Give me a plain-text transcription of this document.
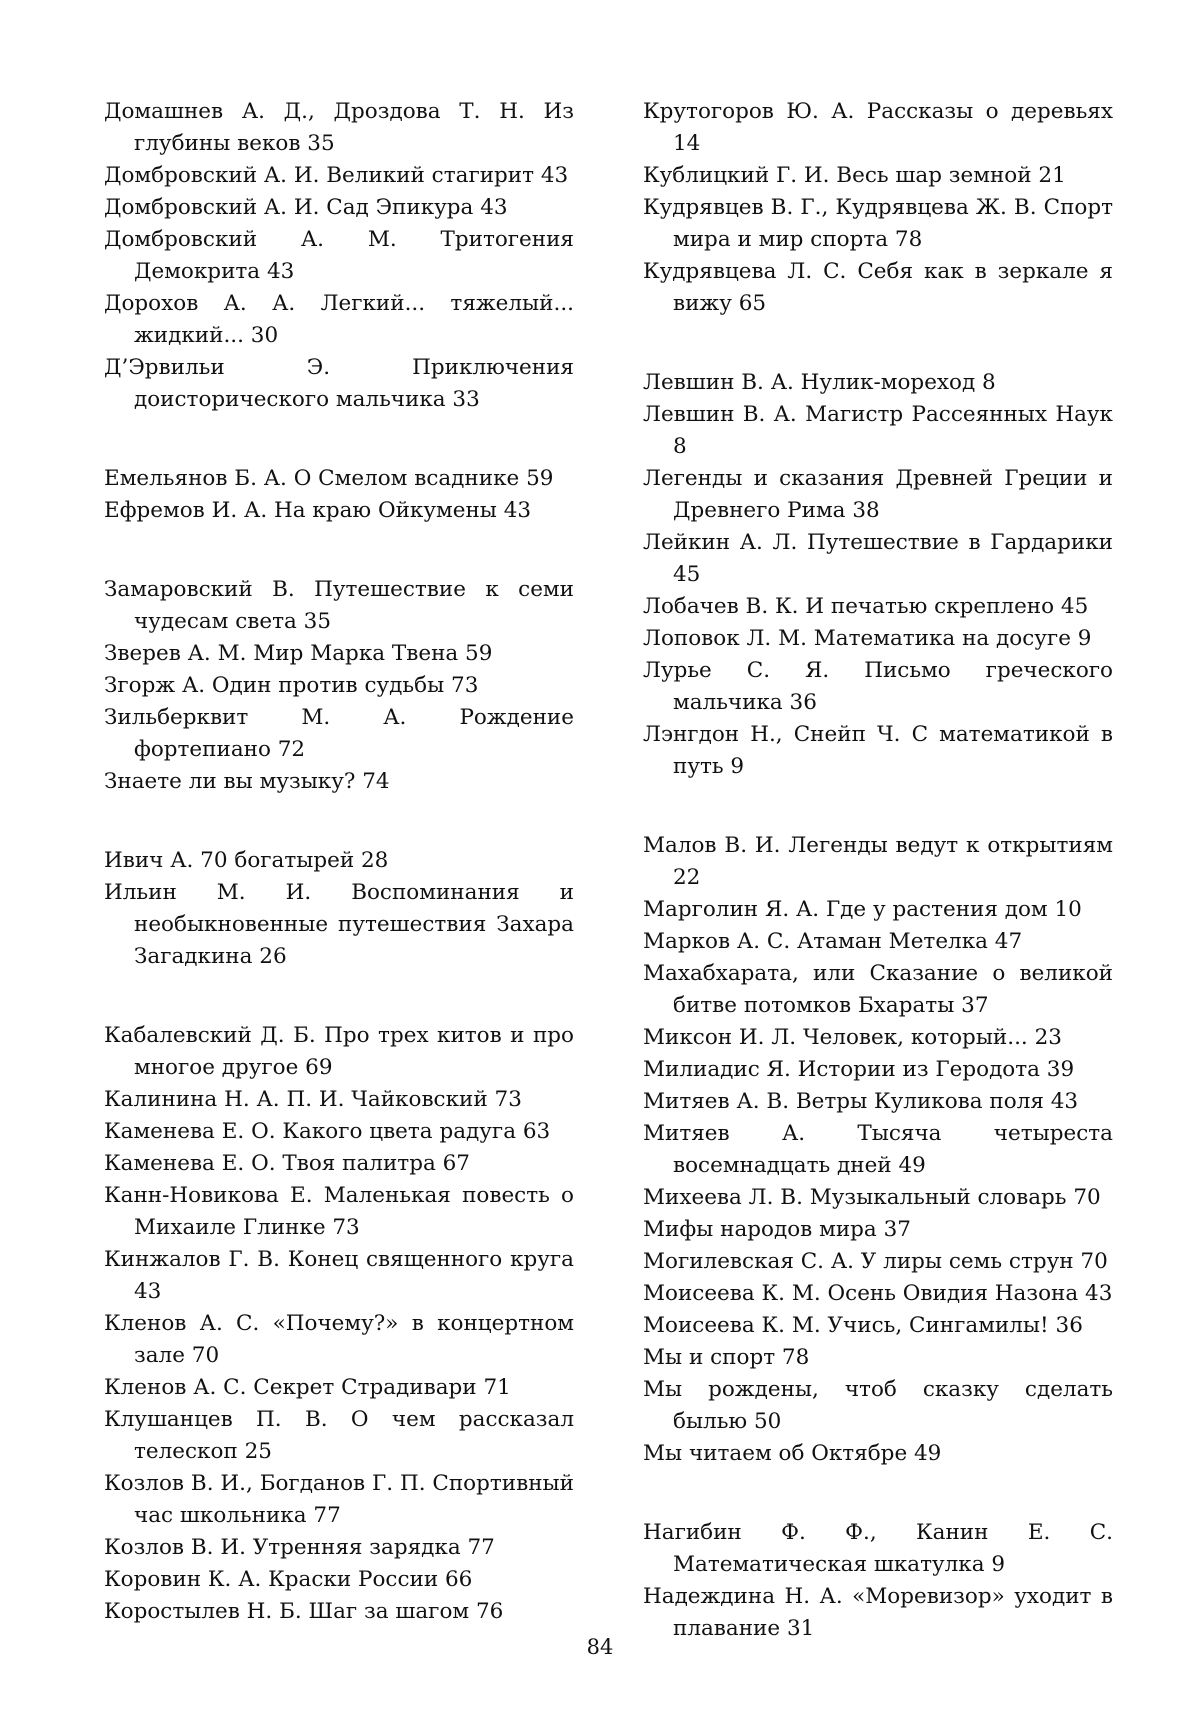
Домашнев А. Д., Дроздова Т. Н. Из глубины веков 35
Домбровский А. И. Великий стагирит 43
Домбровский А. И. Сад Эпикура 43
Домбровский А. М. Тритогения Демокрита 43
Дорохов А. А. Легкий... тяжелый... жидкий... 30
Д’Эрвильи Э. Приключения доисторического мальчика 33
Емельянов Б. А. О Смелом всаднике 59
Ефремов И. А. На краю Ойкумены 43
Замаровский В. Путешествие к семи чудесам света 35
Зверев А. М. Мир Марка Твена 59
Згорж А. Один против судьбы 73
Зильберквит М. А. Рождение фортепиано 72
Знаете ли вы музыку? 74
Ивич А. 70 богатырей 28
Ильин М. И. Воспоминания и необыкновенные путешествия Захара Загадкина 26
Кабалевский Д. Б. Про трех китов и про многое другое 69
Калинина Н. А. П. И. Чайковский 73
Каменева Е. О. Какого цвета радуга 63
Каменева Е. О. Твоя палитра 67
Канн-Новикова Е. Маленькая повесть о Михаиле Глинке 73
Кинжалов Г. В. Конец священного круга 43
Кленов А. С. «Почему?» в концертном зале 70
Кленов А. С. Секрет Страдивари 71
Клушанцев П. В. О чем рассказал телескоп 25
Козлов В. И., Богданов Г. П. Спортивный час школьника 77
Козлов В. И. Утренняя зарядка 77
Коровин К. А. Краски России 66
Коростылев Н. Б. Шаг за шагом 76
Крутогоров Ю. А. Рассказы о деревьях 14
Кублицкий Г. И. Весь шар земной 21
Кудрявцев В. Г., Кудрявцева Ж. В. Спорт мира и мир спорта 78
Кудрявцева Л. С. Себя как в зеркале я вижу 65
Левшин В. А. Нулик-мореход 8
Левшин В. А. Магистр Рассеянных Наук 8
Легенды и сказания Древней Греции и Древнего Рима 38
Лейкин А. Л. Путешествие в Гардарики 45
Лобачев В. К. И печатью скреплено 45
Лоповок Л. М. Математика на досуге 9
Лурье С. Я. Письмо греческого мальчика 36
Лэнгдон Н., Снейп Ч. С математикой в путь 9
Малов В. И. Легенды ведут к открытиям 22
Марголин Я. А. Где у растения дом 10
Марков А. С. Атаман Метелка 47
Махабхарата, или Сказание о великой битве потомков Бхараты 37
Миксон И. Л. Человек, который... 23
Милиадис Я. Истории из Геродота 39
Митяев А. В. Ветры Куликова поля 43
Митяев А. Тысяча четыреста восемнадцать дней 49
Михеева Л. В. Музыкальный словарь 70
Мифы народов мира 37
Могилевская С. А. У лиры семь струн 70
Моисеева К. М. Осень Овидия Назона 43
Моисеева К. М. Учись, Сингамилы! 36
Мы и спорт 78
Мы рождены, чтоб сказку сделать былью 50
Мы читаем об Октябре 49
Нагибин Ф. Ф., Канин Е. С. Математическая шкатулка 9
Надеждина Н. А. «Моревизор» уходит в плавание 31
84
